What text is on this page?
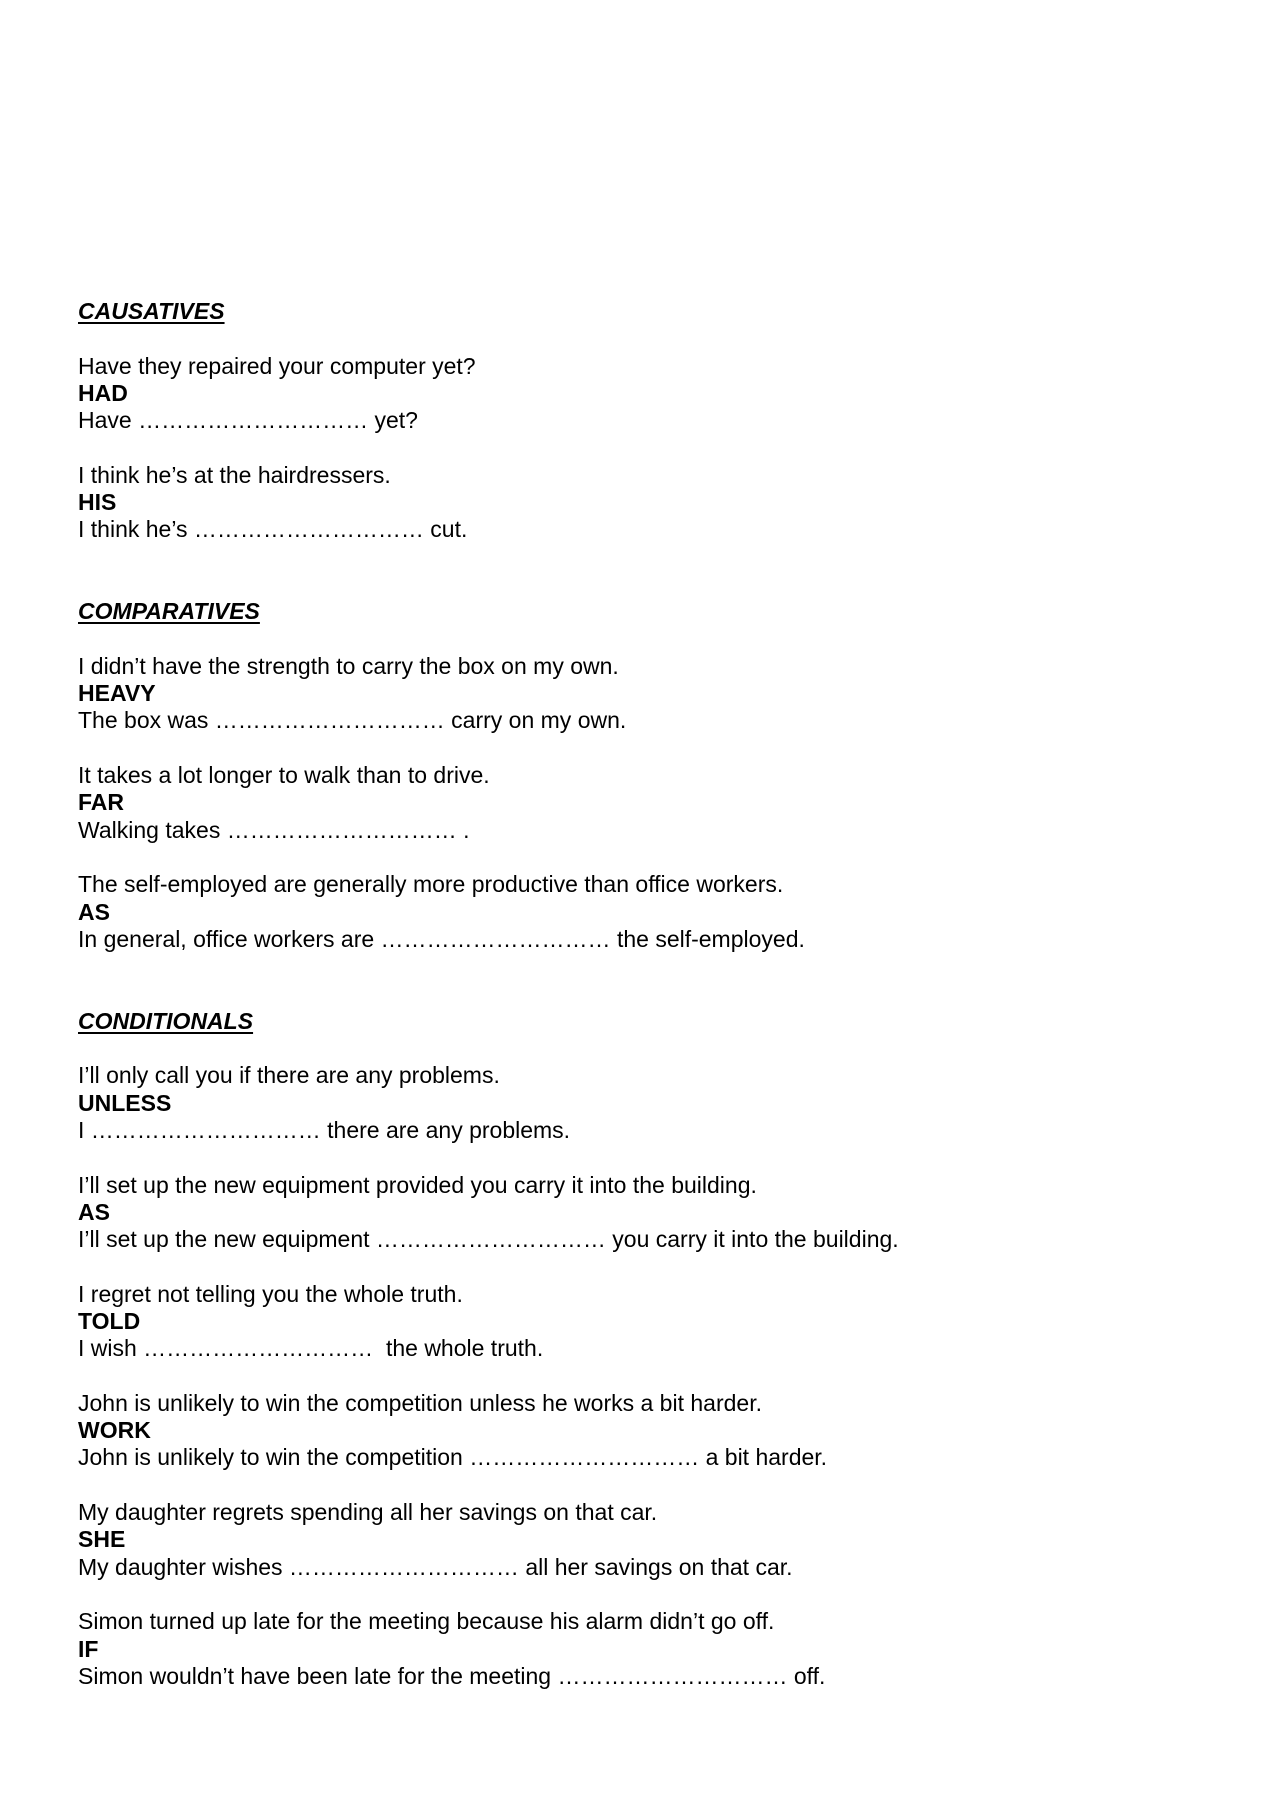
CAUSATIVES
Have they repaired your computer yet?
HAD
Have ………………………… yet?
I think he’s at the hairdressers.
HIS
I think he’s ………………………… cut.
COMPARATIVES
I didn’t have the strength to carry the box on my own.
HEAVY
The box was ………………………… carry on my own.
It takes a lot longer to walk than to drive.
FAR
Walking takes ………………………… .
The self-employed are generally more productive than office workers.
AS
In general, office workers are ………………………… the self-employed.
CONDITIONALS
I’ll only call you if there are any problems.
UNLESS
I ………………………… there are any problems.
I’ll set up the new equipment provided you carry it into the building.
AS
I’ll set up the new equipment ………………………… you carry it into the building.
I regret not telling you the whole truth.
TOLD
I wish …………………………  the whole truth.
John is unlikely to win the competition unless he works a bit harder.
WORK
John is unlikely to win the competition ………………………… a bit harder.
My daughter regrets spending all her savings on that car.
SHE
My daughter wishes ………………………… all her savings on that car.
Simon turned up late for the meeting because his alarm didn’t go off.
IF
Simon wouldn’t have been late for the meeting ………………………… off.
